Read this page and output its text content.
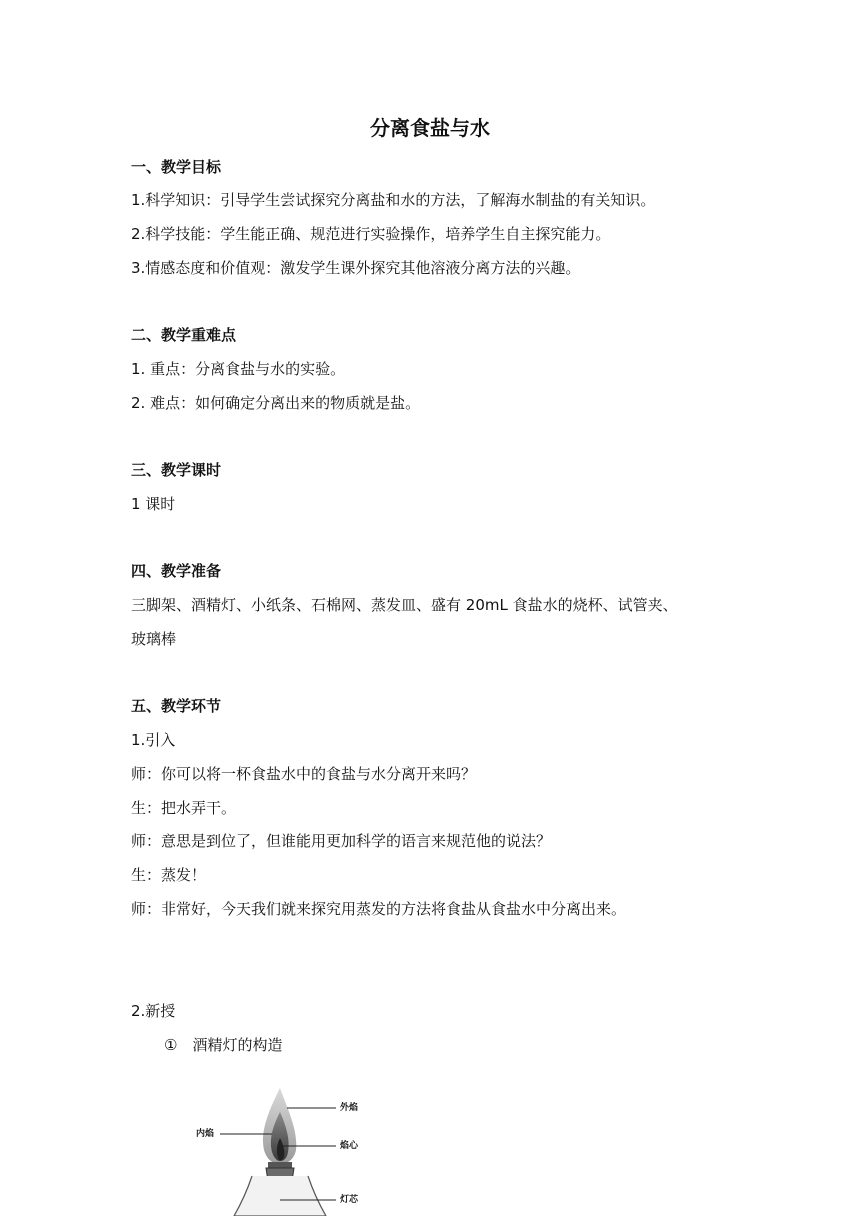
分离食盐与水
一、教学目标
1.科学知识：引导学生尝试探究分离盐和水的方法，了解海水制盐的有关知识。
2.科学技能：学生能正确、规范进行实验操作，培养学生自主探究能力。
3.情感态度和价值观：激发学生课外探究其他溶液分离方法的兴趣。
二、教学重难点
1. 重点：分离食盐与水的实验。
2. 难点：如何确定分离出来的物质就是盐。
三、教学课时
1 课时
四、教学准备
三脚架、酒精灯、小纸条、石棉网、蒸发皿、盛有 20mL 食盐水的烧杯、试管夹、
玻璃棒
五、教学环节
1.引入
师：你可以将一杯食盐水中的食盐与水分离开来吗？
生：把水弄干。
师：意思是到位了，但谁能用更加科学的语言来规范他的说法？
生：蒸发！
师：非常好，今天我们就来探究用蒸发的方法将食盐从食盐水中分离出来。
2.新授
①　酒精灯的构造
外焰
内焰
焰心
灯芯
